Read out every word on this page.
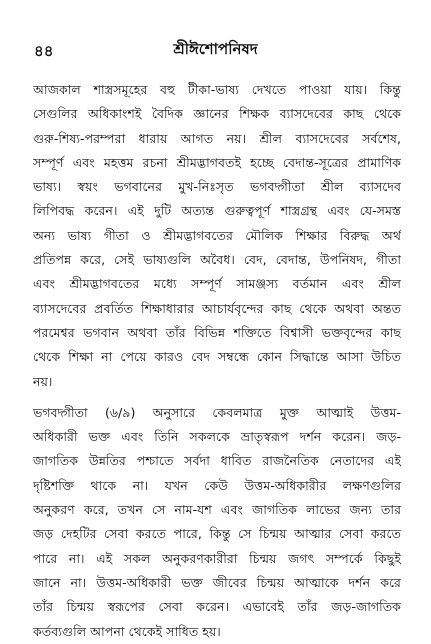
৪৪	শ্রীঈশোপনিষদ
আজকাল শাস্ত্রসমূহের বহু টীকা-ভাষ্য দেখতে পাওয়া যায়। কিন্তু
সেগুলির অধিকাংশই বৈদিক জ্ঞানের শিক্ষক ব্যাসদেবের কাছ থেকে
গুরু-শিষ্য-পরম্পরা ধারায় আগত নয়। শ্রীল ব্যাসদেবের সর্বশেষ,
সম্পূর্ণ এবং মহত্তম রচনা শ্রীমদ্ভাগবতই হচ্ছে বেদান্ত-সূত্রের প্রামাণিক
ভাষ্য। স্বয়ং ভগবানের মুখ-নিঃসৃত ভগবদ্গীতা শ্রীল ব্যাসদেব
লিপিবদ্ধ করেন। এই দুটি অত্যন্ত গুরুত্বপূর্ণ শাস্ত্রগ্রন্থ এবং যে-সমস্ত
অন্য ভাষ্য গীতা ও শ্রীমদ্ভাগবতের মৌলিক শিক্ষার বিরুদ্ধ অর্থ
প্রতিপন্ন করে, সেই ভাষ্যগুলি অবৈধ। বেদ, বেদান্ত, উপনিষদ, গীতা
এবং শ্রীমদ্ভাগবতের মধ্যে সম্পূর্ণ সামঞ্জস্য বর্তমান এবং শ্রীল
ব্যাসদেবের প্রবর্তিত শিক্ষাধারার আচার্যবৃন্দের কাছ থেকে অথবা অন্তত
পরমেশ্বর ভগবান অথবা তাঁর বিভিন্ন শক্তিতে বিশ্বাসী ভক্তবৃন্দের কাছ
থেকে শিক্ষা না পেয়ে কারও বেদ সম্বন্ধে কোন সিদ্ধান্তে আসা উচিত
নয়।
ভগবদ্গীতা (৬/৯) অনুসারে কেবলমাত্র মুক্ত আত্মাই উত্তম-
অধিকারী ভক্ত এবং তিনি সকলকে ভ্রাতৃস্বরূপ দর্শন করেন। জড়-
জাগতিক উন্নতির পশ্চাতে সর্বদা ধাবিত রাজনৈতিক নেতাদের এই
দৃষ্টিশক্তি থাকে না। যখন কেউ উত্তম-অধিকারীর লক্ষণগুলির
অনুকরণ করে, তখন সে নাম-যশ এবং জাগতিক লাভের জন্য তার
জড় দেহটির সেবা করতে পারে, কিন্তু সে চিন্ময় আত্মার সেবা করতে
পারে না। এই সকল অনুকরণকারীরা চিন্ময় জগৎ সম্পর্কে কিছুই
জানে না। উত্তম-অধিকারী ভক্ত জীবের চিন্ময় আত্মাকে দর্শন করে
তাঁর চিন্ময় স্বরূপের সেবা করেন। এভাবেই তাঁর জড়-জাগতিক
কর্তব্যগুলি আপনা থেকেই সাধিত হয়।
